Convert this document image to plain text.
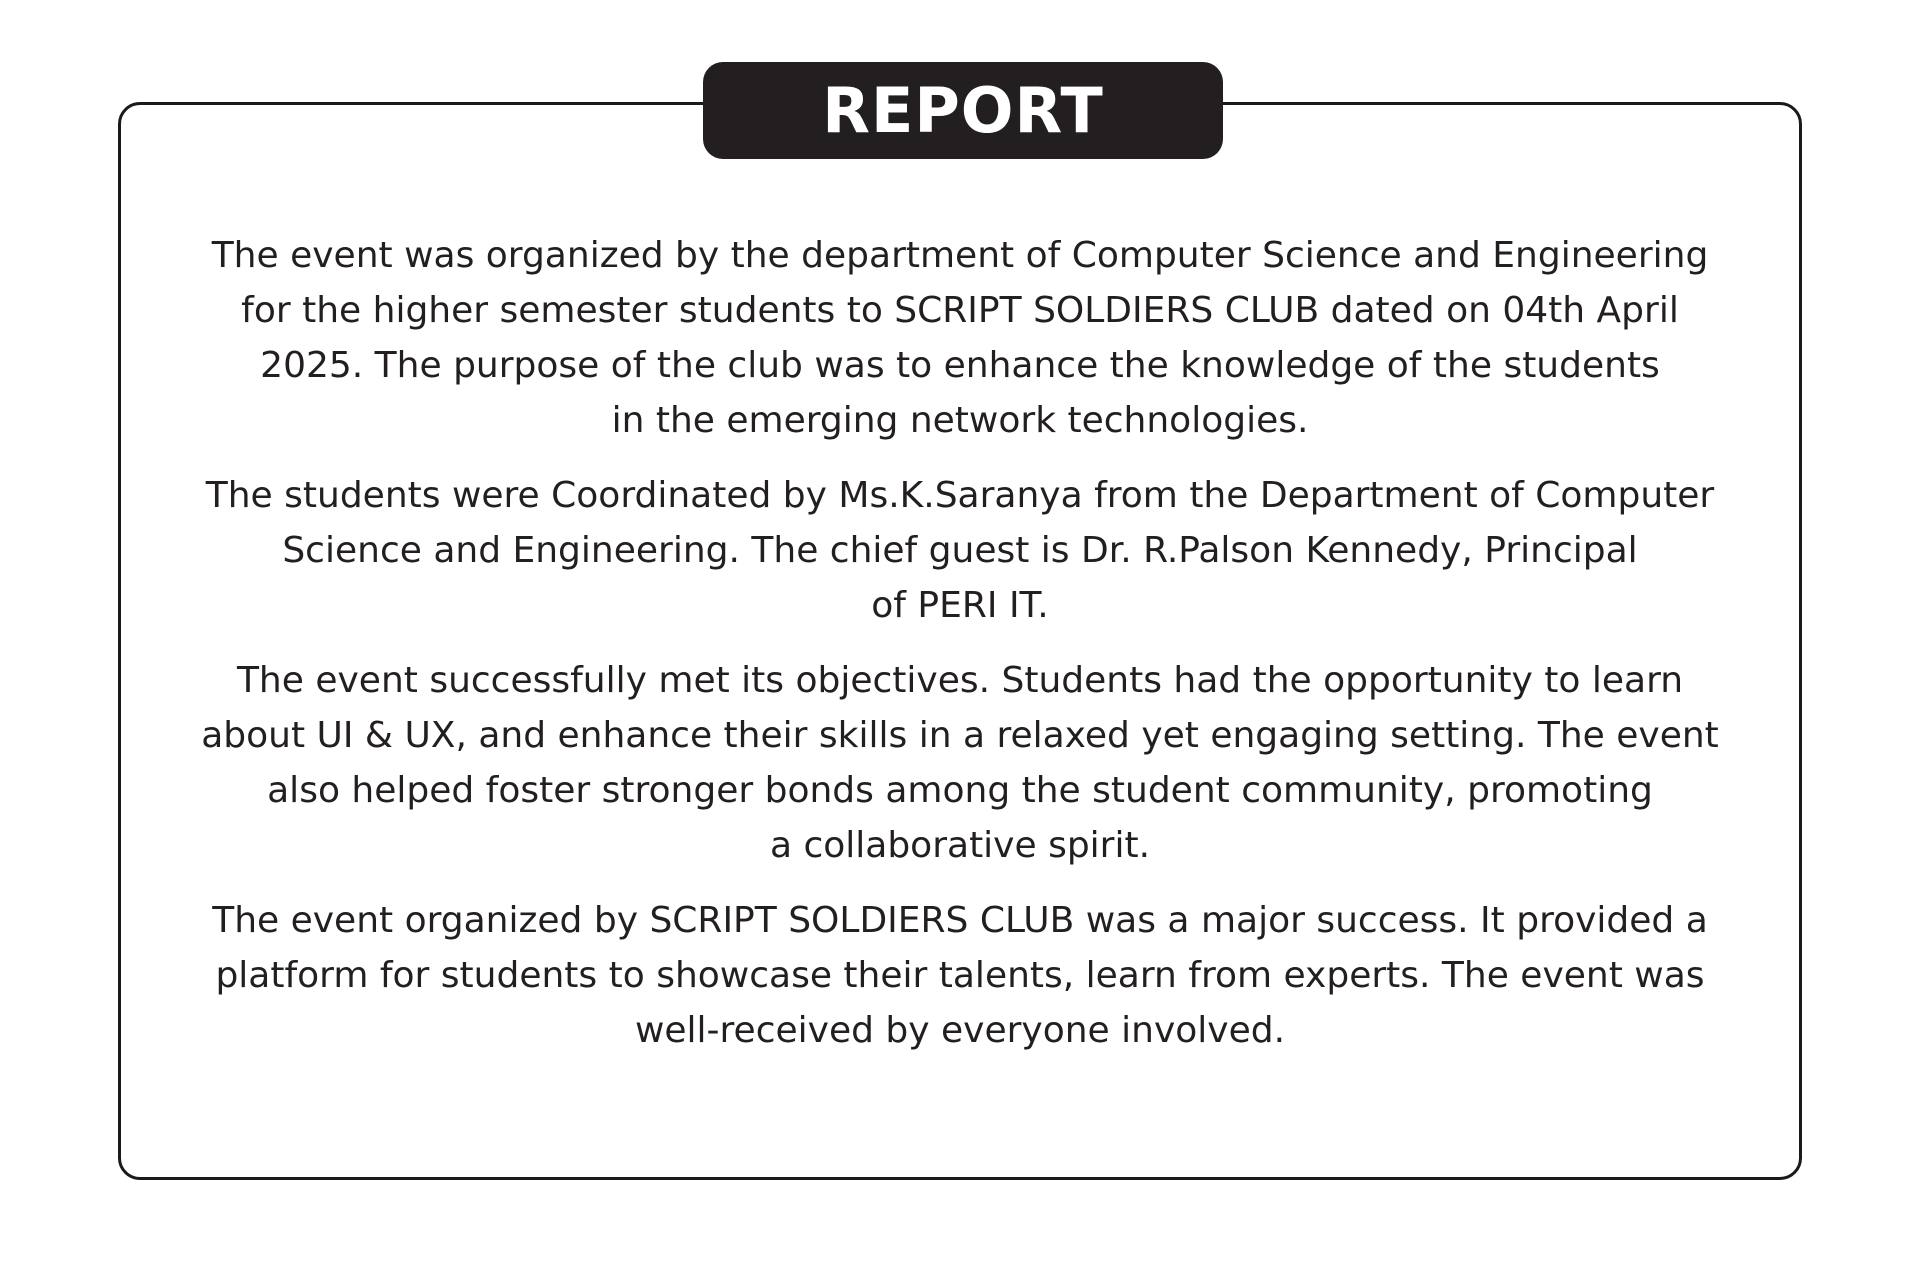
REPORT

The event was organized by the department of Computer Science and Engineering
for the higher semester students to SCRIPT SOLDIERS CLUB dated on 04th April
2025. The purpose of the club was to enhance the knowledge of the students
in the emerging network technologies.

The students were Coordinated by Ms.K.Saranya from the Department of Computer
Science and Engineering. The chief guest is Dr. R.Palson Kennedy, Principal
of PERI IT.

The event successfully met its objectives. Students had the opportunity to learn
about UI & UX, and enhance their skills in a relaxed yet engaging setting. The event
also helped foster stronger bonds among the student community, promoting
a collaborative spirit.

The event organized by SCRIPT SOLDIERS CLUB was a major success. It provided a
platform for students to showcase their talents, learn from experts. The event was
well-received by everyone involved.
